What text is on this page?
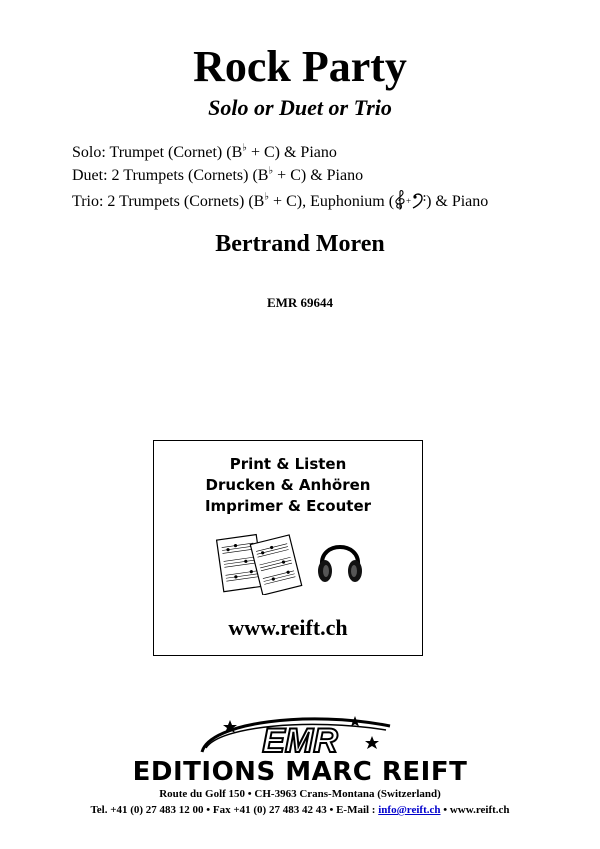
Rock Party
Solo or Duet or Trio
Solo: Trumpet (Cornet) (B♭ + C) & Piano
Duet: 2 Trumpets (Cornets) (B♭ + C) & Piano
Trio: 2 Trumpets (Cornets) (B♭ + C), Euphonium ( + ) & Piano
Bertrand Moren
EMR 69644
Print & Listen
Drucken & Anhören
Imprimer & Ecouter
www.reift.ch
EMR
EDITIONS MARC REIFT
Route du Golf 150 • CH-3963 Crans-Montana (Switzerland)
Tel. +41 (0) 27 483 12 00 • Fax +41 (0) 27 483 42 43 • E-Mail : info@reift.ch • www.reift.ch
